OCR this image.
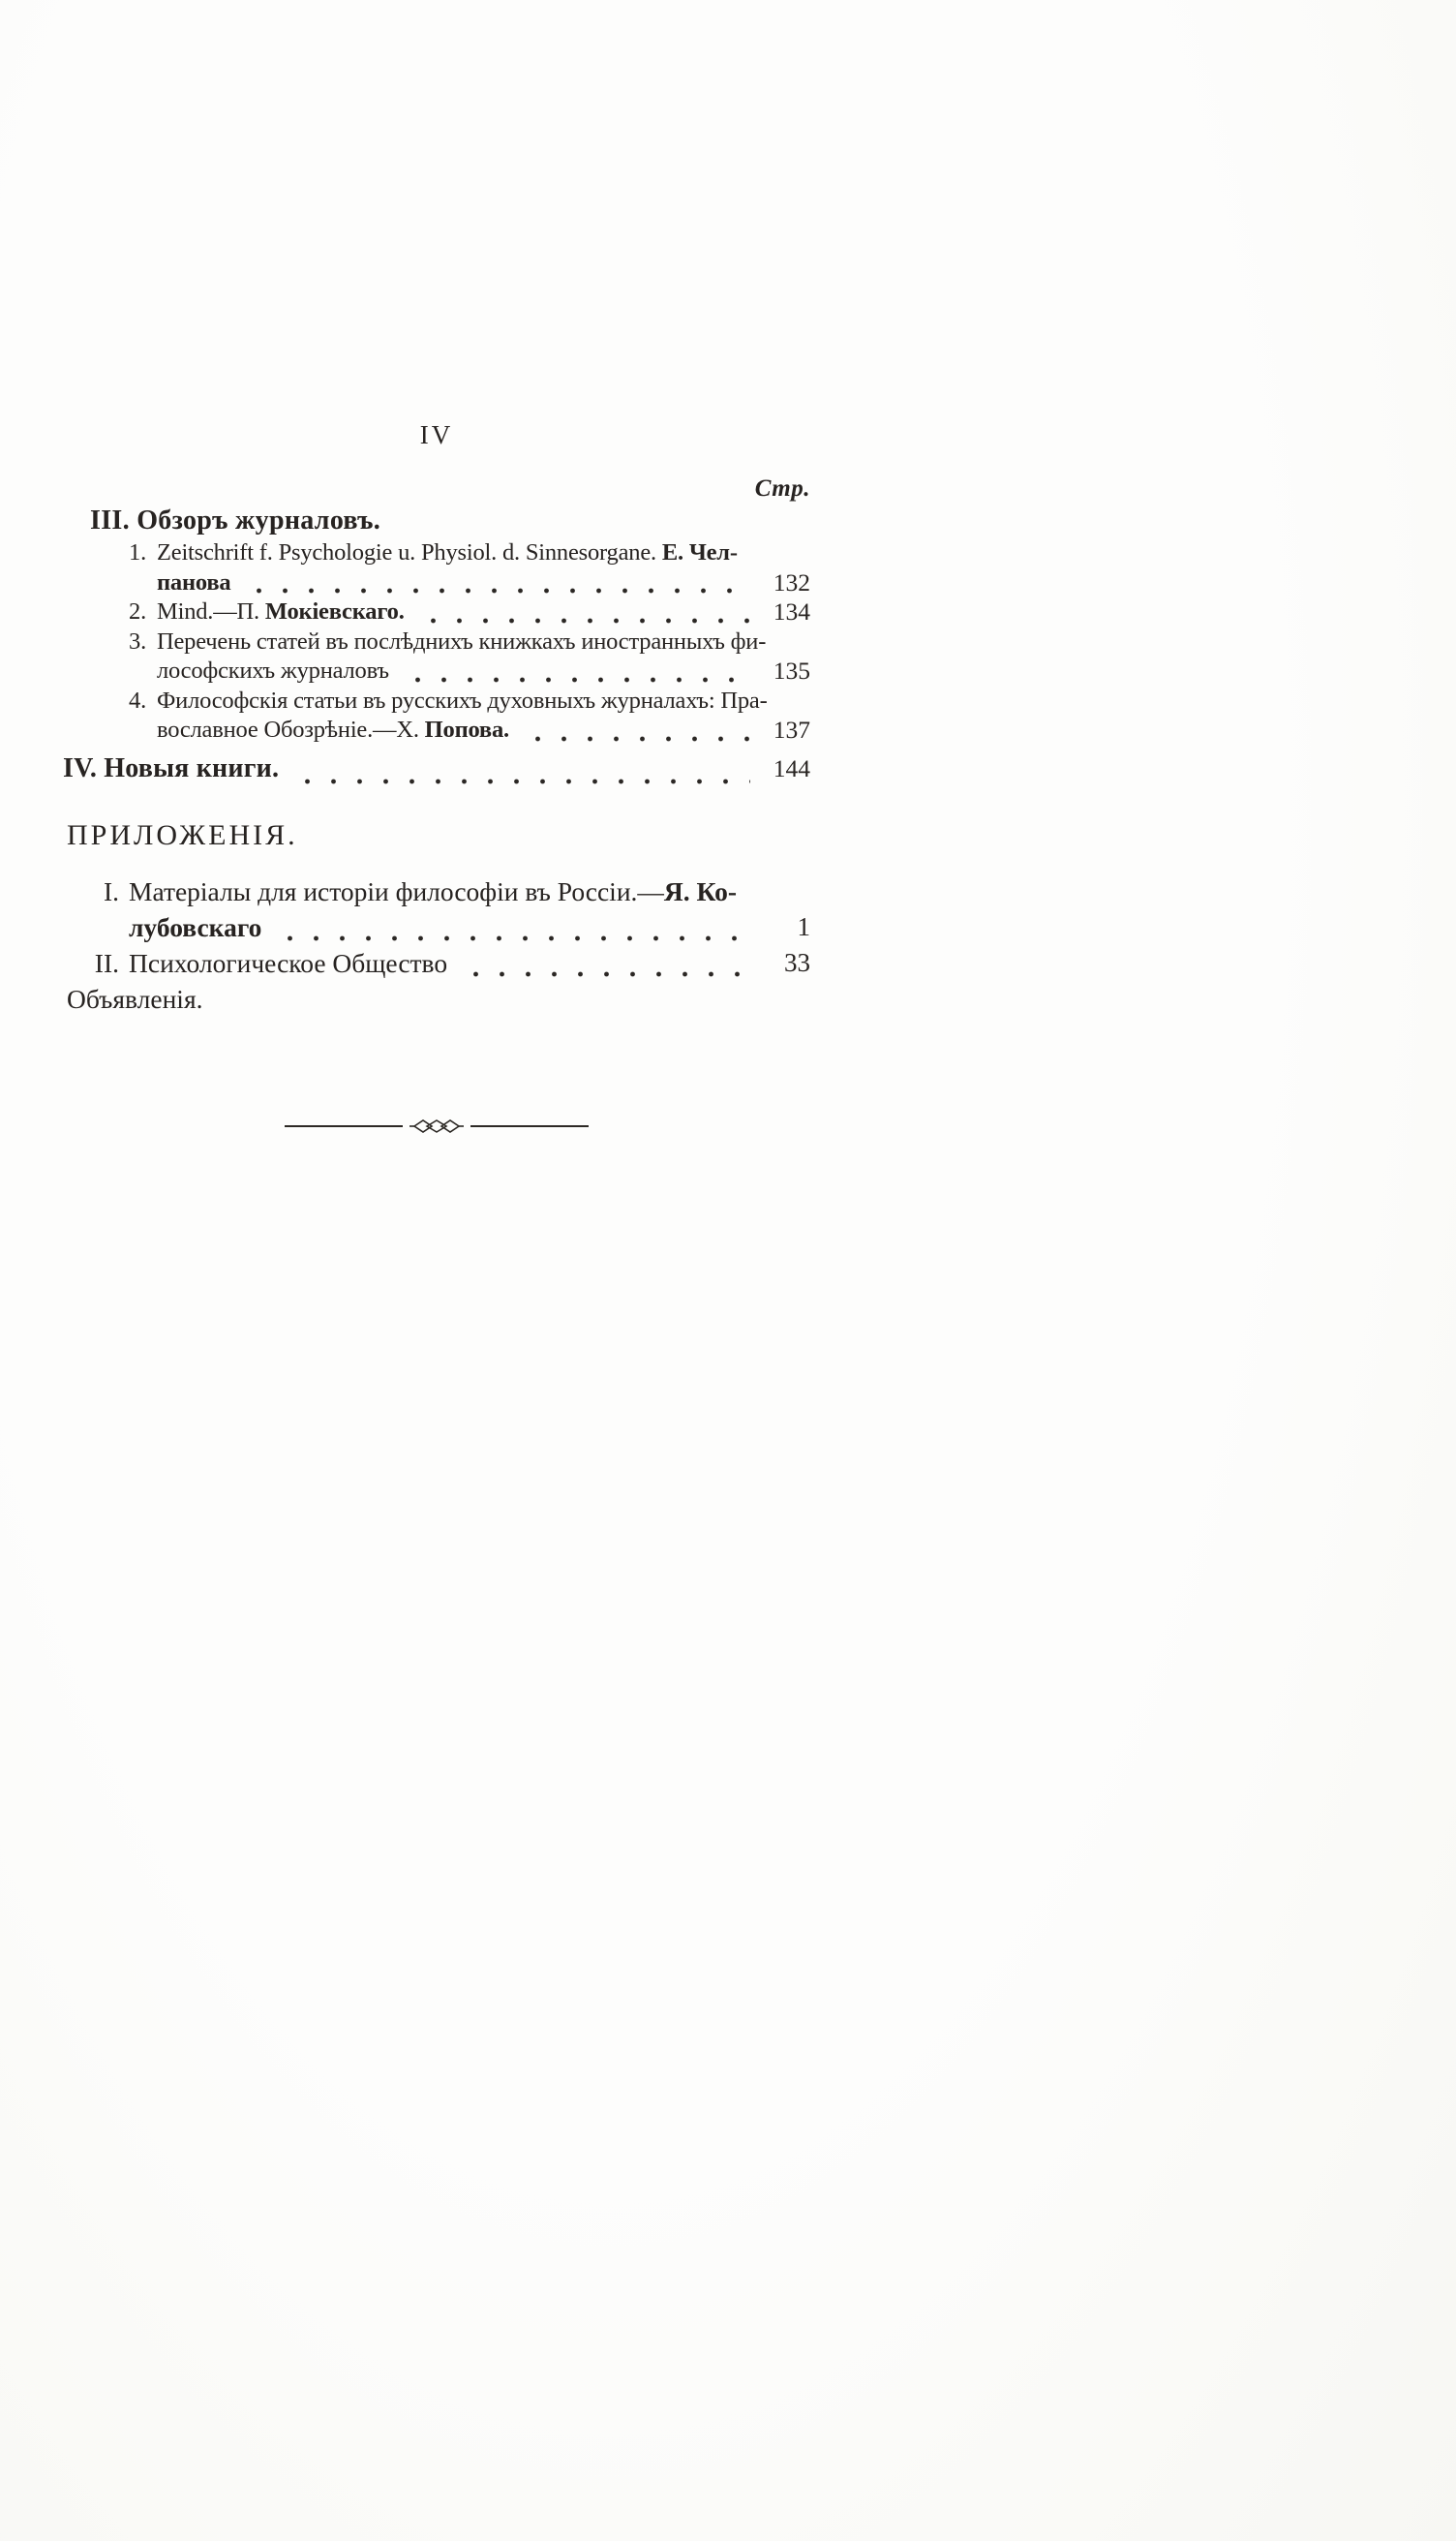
IV
Стр.
III. Обзоръ журналовъ.
1. Zeitschrift f. Psychologie u. Physiol. d. Sinnesorgane. Е. Чел-
панова	132
2. Mind.—П. Мокіевскаго.	134
3. Перечень статей въ послѣднихъ книжкахъ иностранныхъ фи-
лософскихъ журналовъ	135
4. Философскія статьи въ русскихъ духовныхъ журналахъ: Пра-
вославное Обозрѣніе.—Х. Попова.	137
IV. Новыя книги.	144
ПРИЛОЖЕНІЯ.
I. Матеріалы для исторіи философіи въ Россіи.—Я. Ко-
лубовскаго	1
II. Психологическое Общество	33
Объявленія.
